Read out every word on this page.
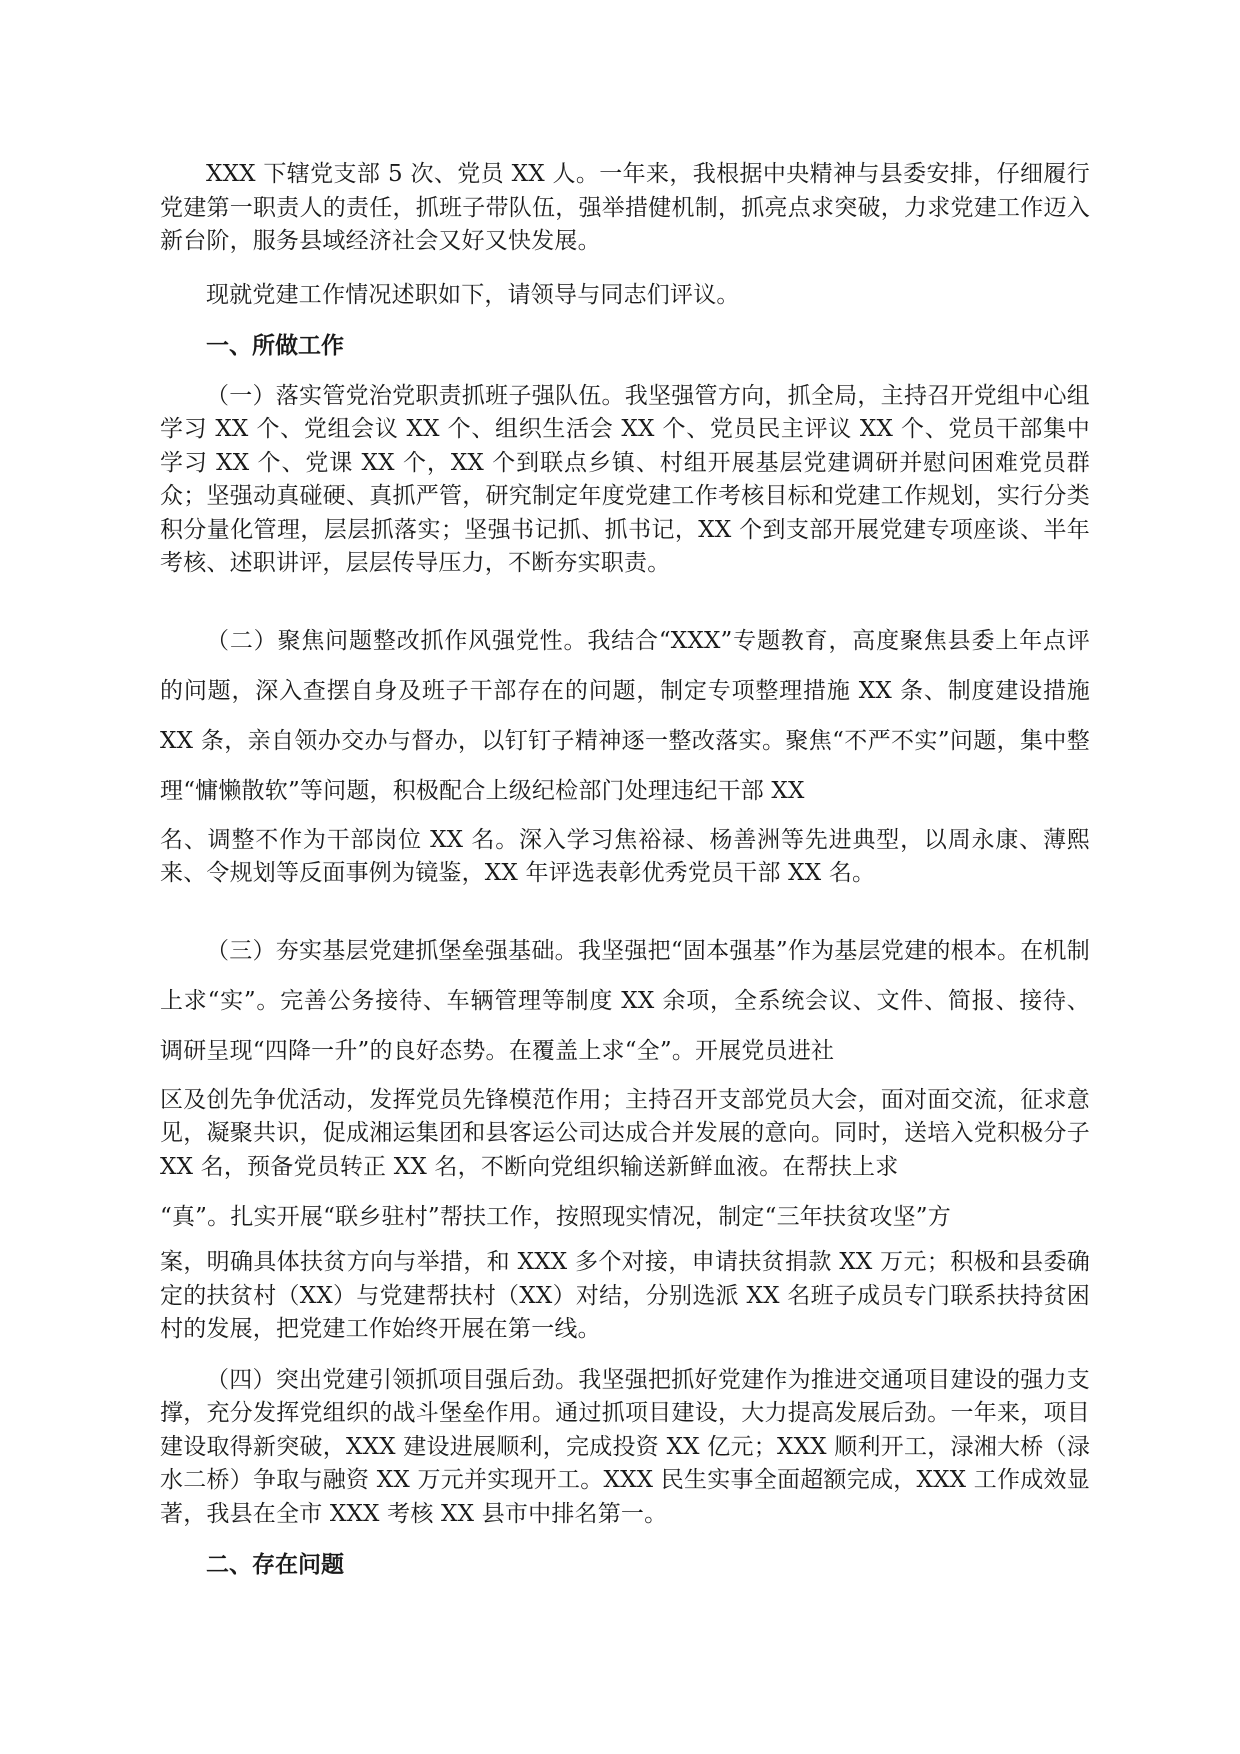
XXX 下辖党支部 5 次、党员 XX 人。一年来，我根据中央精神与县委安排，仔细履行党建第一职责人的责任，抓班子带队伍，强举措健机制，抓亮点求突破，力求党建工作迈入新台阶，服务县域经济社会又好又快发展。

现就党建工作情况述职如下，请领导与同志们评议。

一、所做工作

（一）落实管党治党职责抓班子强队伍。我坚强管方向，抓全局，主持召开党组中心组学习 XX 个、党组会议 XX 个、组织生活会 XX 个、党员民主评议 XX 个、党员干部集中学习 XX 个、党课 XX 个，XX 个到联点乡镇、村组开展基层党建调研并慰问困难党员群众；坚强动真碰硬、真抓严管，研究制定年度党建工作考核目标和党建工作规划，实行分类积分量化管理，层层抓落实；坚强书记抓、抓书记，XX 个到支部开展党建专项座谈、半年考核、述职讲评，层层传导压力，不断夯实职责。

（二）聚焦问题整改抓作风强党性。我结合“XXX”专题教育，高度聚焦县委上年点评的问题，深入查摆自身及班子干部存在的问题，制定专项整理措施 XX 条、制度建设措施 XX 条，亲自领办交办与督办，以钉钉子精神逐一整改落实。聚焦“不严不实”问题，集中整理“慵懒散软”等问题，积极配合上级纪检部门处理违纪干部 XX

名、调整不作为干部岗位 XX 名。深入学习焦裕禄、杨善洲等先进典型，以周永康、薄熙来、令规划等反面事例为镜鉴，XX 年评选表彰优秀党员干部 XX 名。

（三）夯实基层党建抓堡垒强基础。我坚强把“固本强基”作为基层党建的根本。在机制上求“实”。完善公务接待、车辆管理等制度 XX 余项，全系统会议、文件、简报、接待、调研呈现“四降一升”的良好态势。在覆盖上求“全”。开展党员进社

区及创先争优活动，发挥党员先锋模范作用；主持召开支部党员大会，面对面交流，征求意见，凝聚共识，促成湘运集团和县客运公司达成合并发展的意向。同时，送培入党积极分子 XX 名，预备党员转正 XX 名，不断向党组织输送新鲜血液。在帮扶上求

“真”。扎实开展“联乡驻村”帮扶工作，按照现实情况，制定“三年扶贫攻坚”方

案，明确具体扶贫方向与举措，和 XXX 多个对接，申请扶贫捐款 XX 万元；积极和县委确定的扶贫村（XX）与党建帮扶村（XX）对结，分别选派 XX 名班子成员专门联系扶持贫困村的发展，把党建工作始终开展在第一线。

（四）突出党建引领抓项目强后劲。我坚强把抓好党建作为推进交通项目建设的强力支撑，充分发挥党组织的战斗堡垒作用。通过抓项目建设，大力提高发展后劲。一年来，项目建设取得新突破，XXX 建设进展顺利，完成投资 XX 亿元；XXX 顺利开工，渌湘大桥（渌水二桥）争取与融资 XX 万元并实现开工。XXX 民生实事全面超额完成，XXX 工作成效显著，我县在全市 XXX 考核 XX 县市中排名第一。

二、存在问题
